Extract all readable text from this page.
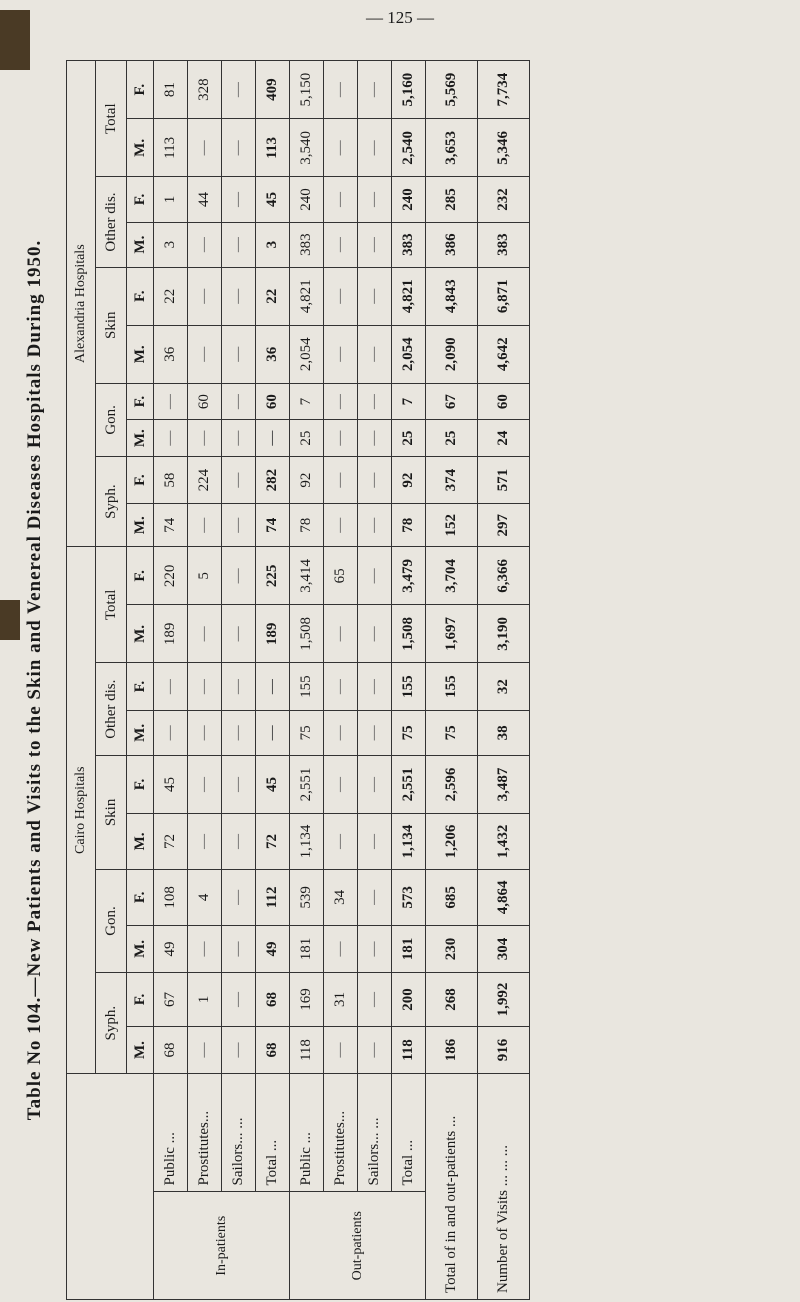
— 125 —
Table No 104.—New Patients and Visits to the Skin and Venereal Diseases Hospitals During 1950.
		Cairo Hospitals										Alexandria Hospitals									
		Syph.		Gon.		Skin		Other dis.		Total		Syph.		Gon.		Skin		Other dis.		Total	
		M.	F.	M.	F.	M.	F.	M.	F.	M.	F.	M.	F.	M.	F.	M.	F.	M.	F.	M.	F.
In-patients	Public ...	68	67	49	108	72	45	—	—	189	220	74	58	—	—	36	22	3	1	113	81
	Prostitutes...	—	1	—	4	—	—	—	—	—	5	—	224	—	60	—	—	—	44	—	328
	Sailors... ...	—	—	—	—	—	—	—	—	—	—	—	—	—	—	—	—	—	—	—	—
	Total ...	68	68	49	112	72	45	—	—	189	225	74	282	—	60	36	22	3	45	113	409
Out-patients	Public ...	118	169	181	539	1,134	2,551	75	155	1,508	3,414	78	92	25	7	2,054	4,821	383	240	3,540	5,150
	Prostitutes...	—	31	—	34	—	—	—	—	—	65	—	—	—	—	—	—	—	—	—	—
	Sailors... ...	—	—	—	—	—	—	—	—	—	—	—	—	—	—	—	—	—	—	—	—
	Total ...	118	200	181	573	1,134	2,551	75	155	1,508	3,479	78	92	25	7	2,054	4,821	383	240	2,540	5,160
Total of in and out-patients ...		186	268	230	685	1,206	2,596	75	155	1,697	3,704	152	374	25	67	2,090	4,843	386	285	3,653	5,569
Number of Visits ... ... ...		916	1,992	304	4,864	1,432	3,487	38	32	3,190	6,366	297	571	24	60	4,642	6,871	383	232	5,346	7,734
